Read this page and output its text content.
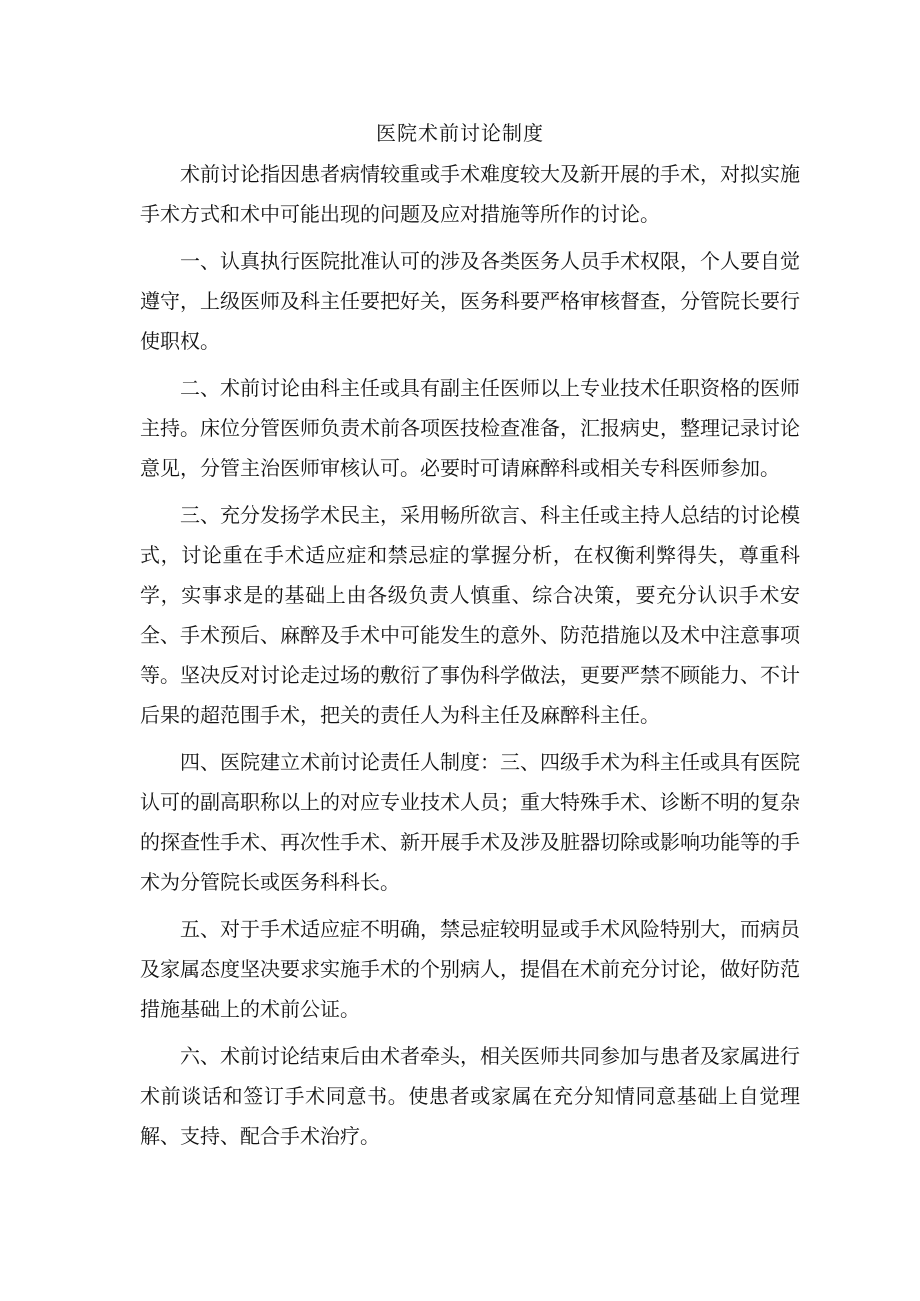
医院术前讨论制度

术前讨论指因患者病情较重或手术难度较大及新开展的手术，对拟实施手术方式和术中可能出现的问题及应对措施等所作的讨论。

一、认真执行医院批准认可的涉及各类医务人员手术权限，个人要自觉遵守，上级医师及科主任要把好关，医务科要严格审核督查，分管院长要行使职权。

二、术前讨论由科主任或具有副主任医师以上专业技术任职资格的医师主持。床位分管医师负责术前各项医技检查准备，汇报病史，整理记录讨论意见，分管主治医师审核认可。必要时可请麻醉科或相关专科医师参加。

三、充分发扬学术民主，采用畅所欲言、科主任或主持人总结的讨论模式，讨论重在手术适应症和禁忌症的掌握分析，在权衡利弊得失，尊重科学，实事求是的基础上由各级负责人慎重、综合决策，要充分认识手术安全、手术预后、麻醉及手术中可能发生的意外、防范措施以及术中注意事项等。坚决反对讨论走过场的敷衍了事伪科学做法，更要严禁不顾能力、不计后果的超范围手术，把关的责任人为科主任及麻醉科主任。

四、医院建立术前讨论责任人制度：三、四级手术为科主任或具有医院认可的副高职称以上的对应专业技术人员；重大特殊手术、诊断不明的复杂的探查性手术、再次性手术、新开展手术及涉及脏器切除或影响功能等的手术为分管院长或医务科科长。

五、对于手术适应症不明确，禁忌症较明显或手术风险特别大，而病员及家属态度坚决要求实施手术的个别病人，提倡在术前充分讨论，做好防范措施基础上的术前公证。

六、术前讨论结束后由术者牵头，相关医师共同参加与患者及家属进行术前谈话和签订手术同意书。使患者或家属在充分知情同意基础上自觉理解、支持、配合手术治疗。
